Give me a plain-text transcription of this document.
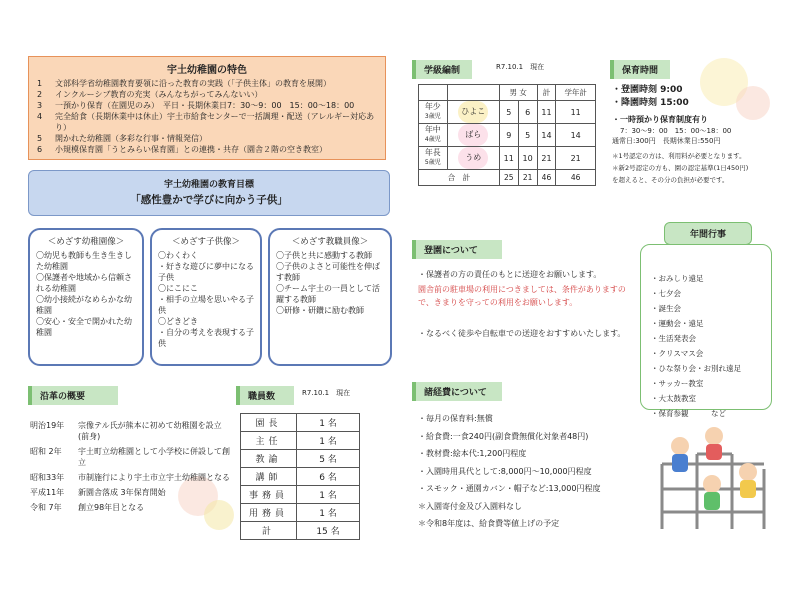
宇土幼稚園の特色
1	文部科学省幼稚園教育要領に沿った教育の実践（「子供主体」の教育を展開）
2	インクルーシブ教育の充実（みんなちがってみんないい）
3	一預かり保育（在園児のみ）　平日・長期休業日7：30〜9：00　15：00〜18：00
4	完全給食（長期休業中は休止）宇土市給食センターで一括調理・配送（アレルギー対応あり）
5	開かれた幼稚園（多彩な行事・情報発信）
6	小規模保育園「うとみらい保育園」との連携・共存（園舎２階の空き教室）
宇土幼稚園の教育目標
「感性豊かで学びに向かう子供」
＜めざす幼稚園像＞
〇幼児も教師も生き生きした幼稚園
〇保護者や地域から信頼される幼稚園
〇幼小接続がなめらかな幼稚園
〇安心・安全で開かれた幼稚園
＜めざす子供像＞
〇わくわく
・好きな遊びに夢中になる子供
〇にこにこ
・相手の立場を思いやる子供
〇どきどき
・自分の考えを表現する子供
＜めざす教職員像＞
〇子供と共に感動する教師
〇子供のよさと可能性を伸ばす教師
〇チーム宇土の一員として活躍する教師
〇研修・研鑽に励む教師
沿革の概要
明治19年	宗像テル氏が熊本に初めて幼稚園を設立(前身)
昭和 2年	宇土町立幼稚園として小学校に併設して創立
昭和33年	市制施行により宇土市立宇土幼稚園となる
平成11年	新園舎落成 3年保育開始
令和 7年	創立98年目となる
職員数	R7.10.1　現在
園長	1 名
主任	1 名
教諭	5 名
講師	6 名
事務員	1 名
用務員	1 名
計	15 名
学級編制	R7.10.1　現在
		男 女		計	学年計
年少
3歳児	ひよこ	5	6	11	11
年中
4歳児	ばら	9	5	14	14
年長
5歳児	うめ	11	10	21	21
合　計		25	21	46	46
保育時間
・登園時刻 9:00
・降園時刻 15:00
・一時預かり保育制度有り
7：30〜9：00　15：00〜18：00
通常日:300円　長期休業日:550円
＊1号認定の方は、利用料が必要となります。
＊新2号認定の方も、園の認定基準(1日450円)
を超えると、その分の負担が必要です。
・おみしり遠足
・七夕会
・誕生会
・運動会・遠足
・生活発表会
・クリスマス会
・ひな祭り会・お別れ遠足
・サッカー教室
・大太鼓教室
・保育参観　　　など
年間行事
登園について

・保護者の方の責任のもとに送迎をお願いします。

園舎前の駐車場の利用につきましては、条件がありますので、きまりを守っての利用をお願いします。

・なるべく徒歩や自転車での送迎をおすすめいたします。

諸経費について

・毎月の保育料:無償

・給食費:一食240円(副食費無償化対象者48円)

・教材費:絵本代:1,200円程度

・入園時用具代として:8,000円〜10,000円程度

・スモック・通園カバン・帽子など:13,000円程度

＊入園寄付金及び入園料なし

＊令和8年度は、給食費等値上げの予定
